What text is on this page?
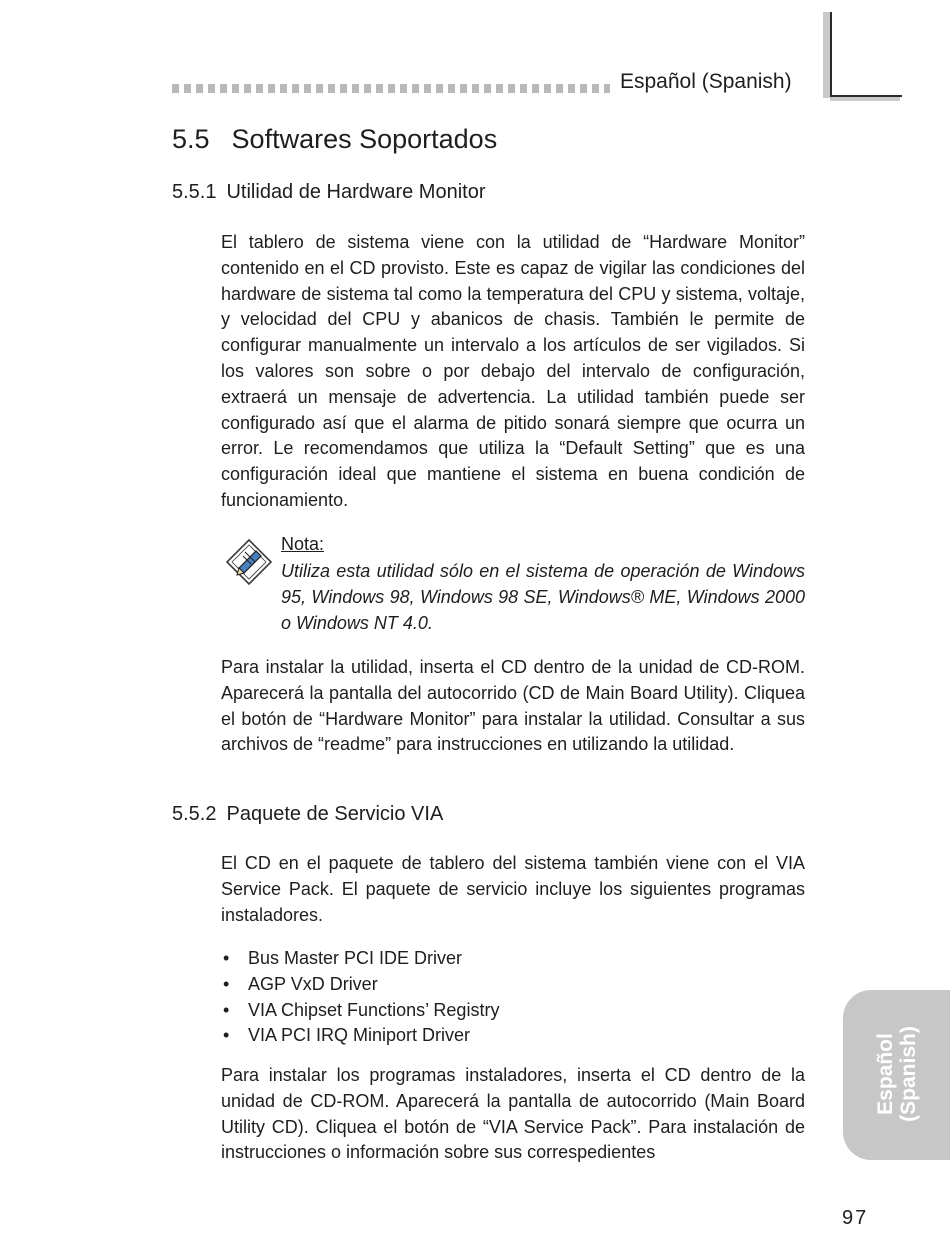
Español (Spanish)
5.5 Softwares Soportados
5.5.1 Utilidad de Hardware Monitor

El tablero de sistema viene con la utilidad de “Hardware Monitor” contenido en el CD provisto. Este es capaz de vigilar las condiciones del hardware de sistema tal como la temperatura del CPU y sistema, voltaje, y velocidad del CPU y abanicos de chasis. También le permite de configurar manualmente un intervalo a los artículos de ser vigilados. Si los valores son sobre o por debajo del intervalo de configuración, extraerá un mensaje de advertencia. La utilidad también puede ser configurado así que el alarma de pitido sonará siempre que ocurra un error. Le recomendamos que utiliza la “Default Setting” que es una configuración ideal que mantiene el sistema en buena condición de funcionamiento.

Nota:

Utiliza esta utilidad sólo en el sistema de operación de Windows 95, Windows 98, Windows 98 SE, Windows® ME, Windows 2000 o Windows NT 4.0.

Para instalar la utilidad, inserta el CD dentro de la unidad de CD-ROM. Aparecerá la pantalla del autocorrido (CD de Main Board Utility). Cliquea el botón de “Hardware Monitor” para instalar la utilidad. Consultar a sus archivos de “readme” para instrucciones en utilizando la utilidad.

5.5.2 Paquete de Servicio VIA

El CD en el paquete de tablero del sistema también viene con el VIA Service Pack. El paquete de servicio incluye los siguientes programas instaladores.

• Bus Master PCI IDE Driver
• AGP VxD Driver
• VIA Chipset Functions’ Registry
• VIA PCI IRQ Miniport Driver

Para instalar los programas instaladores, inserta el CD dentro de la unidad de CD-ROM. Aparecerá la pantalla de autocorrido (Main Board Utility CD). Cliquea el botón de “VIA Service Pack”. Para instalación de instrucciones o información sobre sus correspedientes

Español (Spanish)
97
